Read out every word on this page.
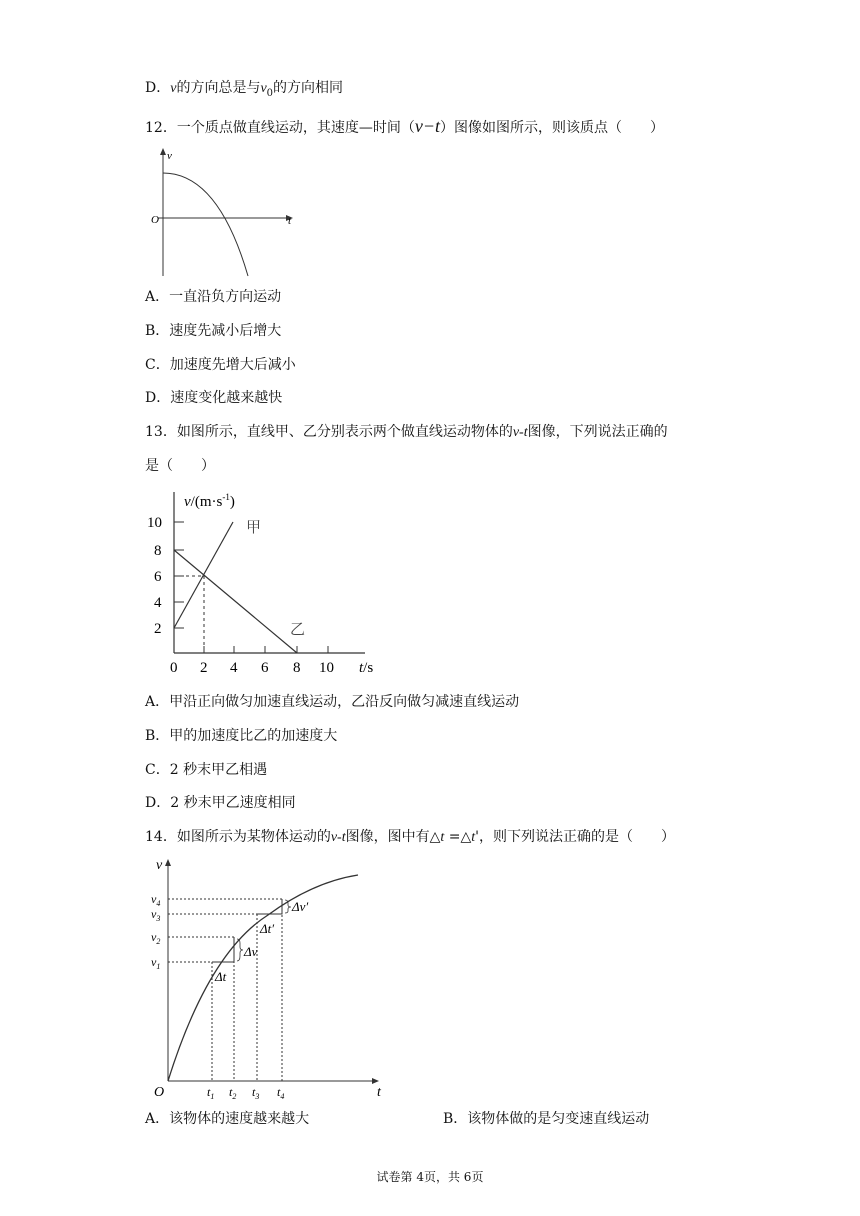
D．v的方向总是与$v_0$的方向相同
12．一个质点做直线运动，其速度—时间（v−t）图像如图所示，则该质点（　　）
v
t
O
A．一直沿负方向运动
B．速度先减小后增大
C．加速度先增大后减小
D．速度变化越来越快
13．如图所示，直线甲、乙分别表示两个做直线运动物体的v-t图像，下列说法正确的
是（　　）
10
8
6
4
2
0 2 4 6 8 10
$v/(m\cdot s^{-1})$
t/s
甲
乙
A．甲沿正向做匀加速直线运动，乙沿反向做匀减速直线运动
B．甲的加速度比乙的加速度大
C．2 秒末甲乙相遇
D．2 秒末甲乙速度相同
14．如图所示为某物体运动的v-t图像，图中有△t =△t'，则下列说法正确的是（　　）
v
t
O
$v_4$
$v_3$
$v_2$
$v_1$
$t_1$ $t_2$ $t_3$ $t_4$
Δt
Δv
Δt′
Δv′
A．该物体的速度越来越大	B．该物体做的是匀变速直线运动
试卷第 4页，共 6页
